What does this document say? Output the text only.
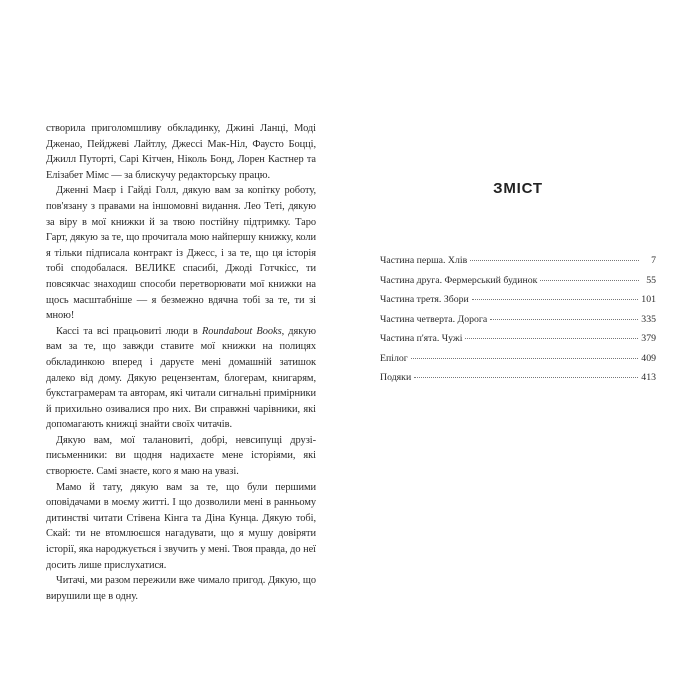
створила приголомшливу обкладинку, Джині Ланці, Моді Дженао, Пейджеві Лайтлу, Джессі Мак-Ніл, Фаусто Боцці, Джилл Путорті, Сарі Кітчен, Ніколь Бонд, Лорен Кастнер та Елізабет Мімс — за блискучу редакторську працю.

Дженні Маєр і Гайді Голл, дякую вам за копітку роботу, пов'язану з правами на іншомовні видання. Лео Теті, дякую за віру в мої книжки й за твою постійну підтримку. Таро Гарт, дякую за те, що прочитала мою найпершу книжку, коли я тільки підписала контракт із Джесс, і за те, що ця історія тобі сподобалася. ВЕЛИКЕ спасибі, Джоді Готчкісс, ти повсякчас знаходиш способи перетворювати мої книжки на щось масштабніше — я безмежно вдячна тобі за те, ти зі мною!

Кассі та всі працьовиті люди в Roundabout Books, дякую вам за те, що завжди ставите мої книжки на полицях обкладинкою вперед і даруєте мені домашній затишок далеко від дому. Дякую рецензентам, блогерам, книгарям, букстаграмерам та авторам, які читали сигнальні примірники й прихильно озивалися про них. Ви справжні чарівники, які допомагають книжці знайти своїх читачів.

Дякую вам, мої талановиті, добрі, невсипущі друзі-письменники: ви щодня надихаєте мене історіями, які створюєте. Самі знаєте, кого я маю на увазі.

Мамо й тату, дякую вам за те, що були першими оповідачами в моєму житті. І що дозволили мені в ранньому дитинстві читати Стівена Кінга та Діна Кунца. Дякую тобі, Скай: ти не втомлюєшся нагадувати, що я мушу довіряти історії, яка народжується і звучить у мені. Твоя правда, до неї досить лише прислухатися.

Читачі, ми разом пережили вже чимало пригод. Дякую, що вирушили ще в одну.

ЗМІСТ
Частина перша. Хлів	7
Частина друга. Фермерський будинок	55
Частина третя. Збори	101
Частина четверта. Дорога	335
Частина п'ята. Чужі	379
Епілог	409
Подяки	413
